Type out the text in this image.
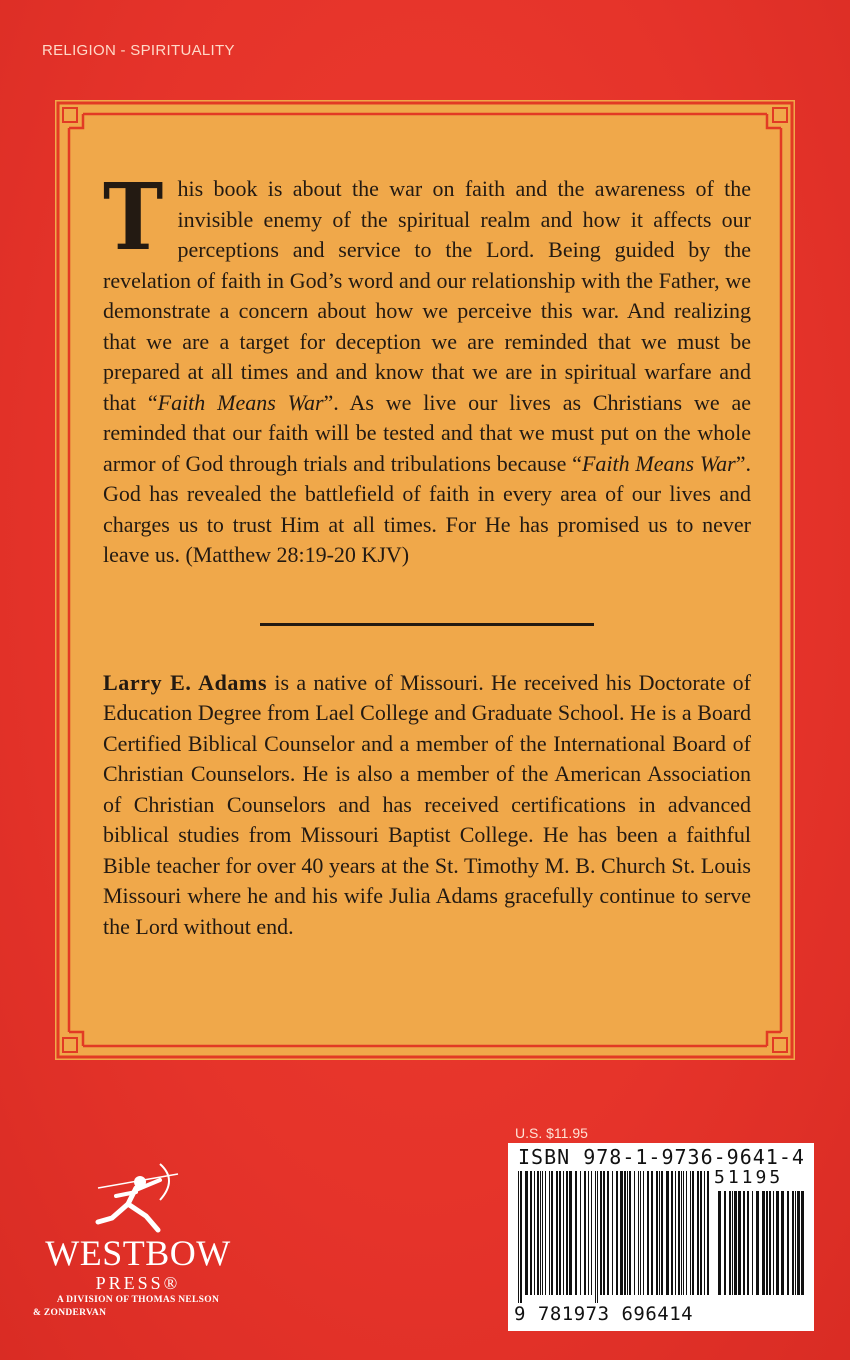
RELIGION - SPIRITUALITY

This book is about the war on faith and the awareness of the invisible enemy of the spiritual realm and how it affects our perceptions and service to the Lord. Being guided by the revelation of faith in God’s word and our relationship with the Father, we demonstrate a concern about how we perceive this war. And realizing that we are a target for deception we are reminded that we must be prepared at all times and and know that we are in spiritual warfare and that “Faith Means War”. As we live our lives as Christians we ae reminded that our faith will be tested and that we must put on the whole armor of God through trials and tribulations because “Faith Means War”. God has revealed the battlefield of faith in every area of our lives and charges us to trust Him at all times. For He has promised us to never leave us. (Matthew 28:19-20 KJV)

Larry E. Adams is a native of Missouri. He received his Doctorate of Education Degree from Lael College and Graduate School. He is a Board Certified Biblical Counselor and a member of the International Board of Christian Counselors. He is also a member of the American Association of Christian Counselors and has received certifications in advanced biblical studies from Missouri Baptist College. He has been a faithful Bible teacher for over 40 years at the St. Timothy M. B. Church St. Louis Missouri where he and his wife Julia Adams gracefully continue to serve the Lord without end.

WESTBOW
PRESS®
A DIVISION OF THOMAS NELSON
& ZONDERVAN
U.S. $11.95
ISBN 978-1-9736-9641-4
51195
9 781973 696414
